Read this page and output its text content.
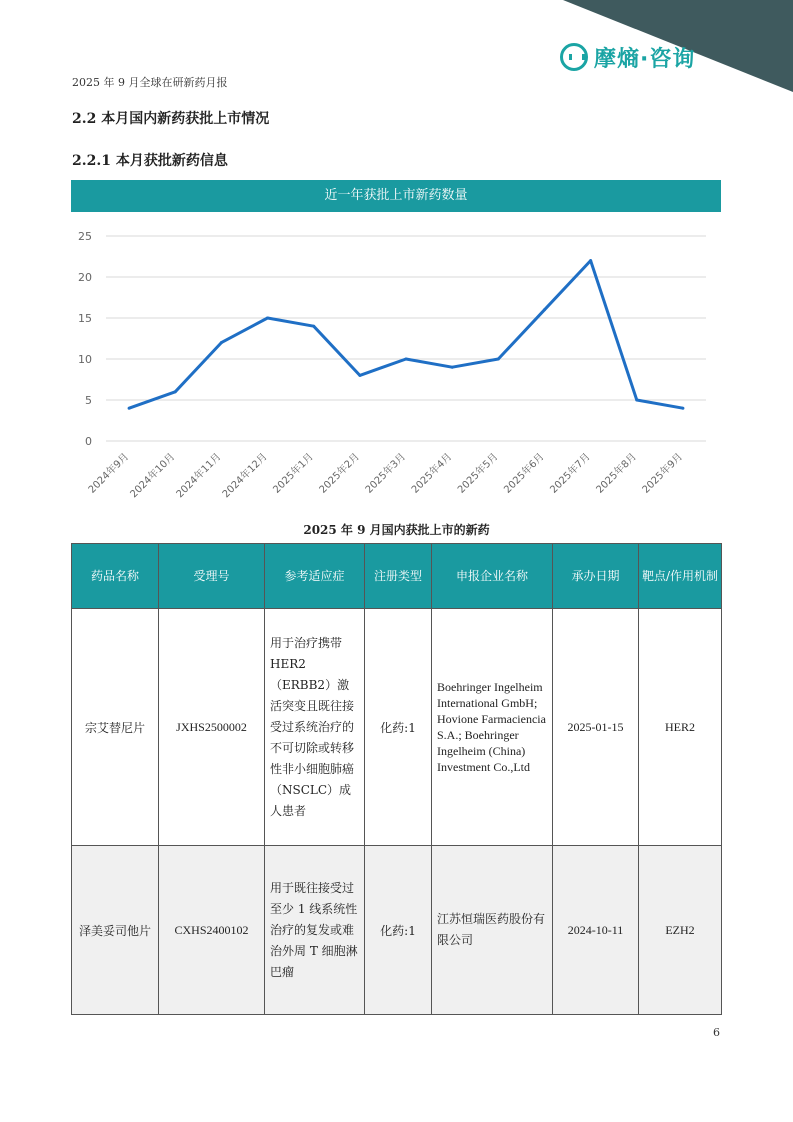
摩熵·咨询
2025 年 9 月全球在研新药月报
2.2 本月国内新药获批上市情况
2.2.1 本月获批新药信息
近一年获批上市新药数量
0
5
10
15
20
25
2024年9月
2024年10月
2024年11月
2024年12月 2025年1月 2025年2月 2025年3月 2025年4月 2025年5月 2025年6月 2025年7月 2025年8月 2025年9月
2025 年 9 月国内获批上市的新药
药品名称	受理号	参考适应症	注册类型	申报企业名称	承办日期	靶点/作用机制
宗艾替尼片	JXHS2500002	用于治疗携带HER2（ERBB2）激活突变且既往接受过系统治疗的不可切除或转移性非小细胞肺癌（NSCLC）成人患者	化药:1	Boehringer Ingelheim International GmbH; Hovione Farmaciencia S.A.; Boehringer Ingelheim (China) Investment Co.,Ltd	2025-01-15	HER2
泽美妥司他片	CXHS2400102	用于既往接受过至少 1 线系统性治疗的复发或难治外周 T 细胞淋巴瘤	化药:1	江苏恒瑞医药股份有限公司	2024-10-11	EZH2
6
